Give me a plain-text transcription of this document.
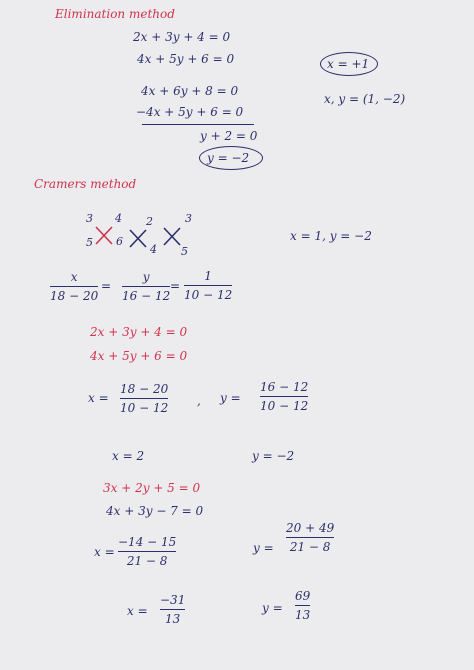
Elimination method
2x + 3y + 4 = 0
4x + 5y + 6 = 0	x = +1
4x + 6y + 8 = 0
−4x + 5y + 6 = 0
y + 2 = 0
x, y = (1, −2)
y = −2
Cramers method
3 4 2	3
5 6
4 5
x = 1, y = −2
x
18 − 20
=
y
16 − 12
=
1
10 − 12
2x + 3y + 4 = 0
4x + 5y + 6 = 0
x =
18 − 20
10 − 12 , y =
16 − 12
10 − 12
x = 2	y = −2
3x + 2y + 5 = 0
4x + 3y − 7 = 0
x =
−14 − 15
21 − 8
y =
20 + 49
21 − 8
x =
−31
13
y =
69
13
